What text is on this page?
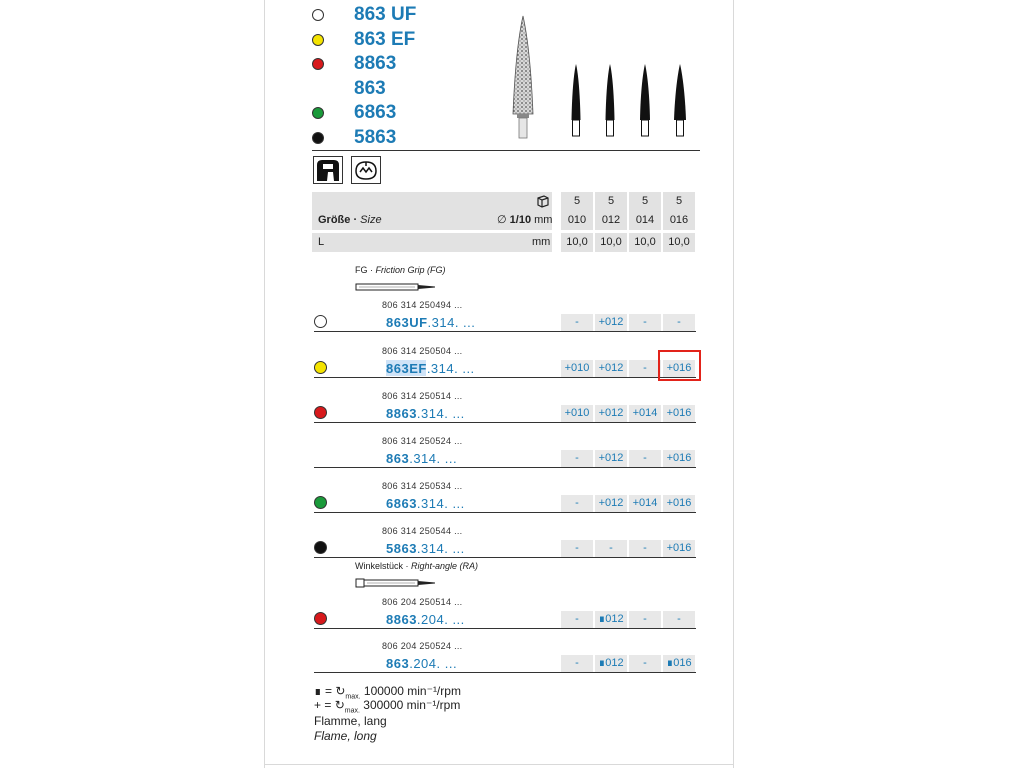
863 UF
863 EF
8863
863
6863
5863
5	5	5	5
Größe · Size	∅ 1/10 mm	010	012	014	016
L	mm	10,0	10,0	10,0	10,0
FG · Friction Grip (FG)
Winkelstück · Right-angle (RA)
806 314 250494 ...
863UF.314. ...	-	+012	-	-
806 314 250504 ...
863EF.314. ...	+010 +012	-	+016
806 314 250514 ...
8863.314. ...	+010 +012 +014 +016
806 314 250524 ...
863.314. ...	-	+012	-	+016
806 314 250534 ...
6863.314. ...	-	+012 +014 +016
806 314 250544 ...
5863.314. ...	-	-	-	+016
806 204 250514 ...
8863.204. ...	-	∎012	-	-
806 204 250524 ...
863.204. ...	-	∎012	-	∎016
∎ = $↻_{max.}$ 100000 min⁻¹/rpm
+ = $↻_{max.}$ 300000 min⁻¹/rpm
Flamme, lang
Flame, long
